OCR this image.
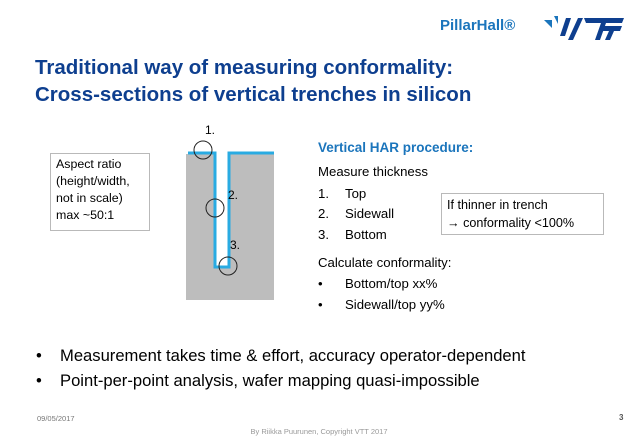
PillarHall®
Traditional way of measuring conformality:
Cross-sections of vertical trenches in silicon
Aspect ratio
(height/width,
not in scale)
max ~50:1
1.
2.
3.
Vertical HAR procedure:
Measure thickness
1. Top
2. Sidewall
3. Bottom
Calculate conformality:
• Bottom/top xx%
• Sidewall/top yy%
If thinner in trench
→ conformality <100%
• Measurement takes time & effort, accuracy operator-dependent
• Point-per-point analysis, wafer mapping quasi-impossible
09/05/2017	3
By Riikka Puurunen, Copyright VTT 2017
